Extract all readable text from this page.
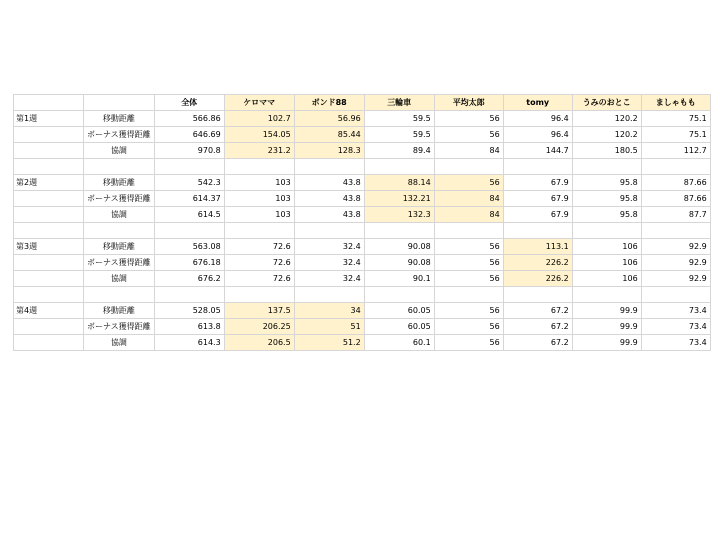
		全体	ケロママ	ボンド88	三輪車	平均太郎	tomy	うみのおとこ	ましゃもも
第1週	移動距離	566.86	102.7	56.96	59.5	56	96.4	120.2	75.1
	ボーナス獲得距離	646.69	154.05	85.44	59.5	56	96.4	120.2	75.1
	協調	970.8	231.2	128.3	89.4	84	144.7	180.5	112.7

第2週	移動距離	542.3	103	43.8	88.14	56	67.9	95.8	87.66
	ボーナス獲得距離	614.37	103	43.8	132.21	84	67.9	95.8	87.66
	協調	614.5	103	43.8	132.3	84	67.9	95.8	87.7

第3週	移動距離	563.08	72.6	32.4	90.08	56	113.1	106	92.9
	ボーナス獲得距離	676.18	72.6	32.4	90.08	56	226.2	106	92.9
	協調	676.2	72.6	32.4	90.1	56	226.2	106	92.9

第4週	移動距離	528.05	137.5	34	60.05	56	67.2	99.9	73.4
	ボーナス獲得距離	613.8	206.25	51	60.05	56	67.2	99.9	73.4
	協調	614.3	206.5	51.2	60.1	56	67.2	99.9	73.4
